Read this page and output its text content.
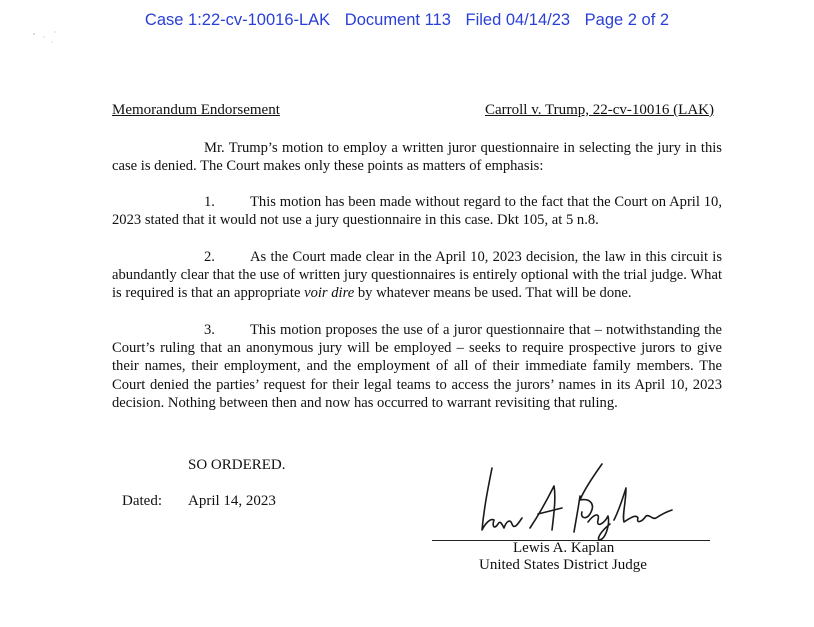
Case 1:22-cv-10016-LAK Document 113 Filed 04/14/23 Page 2 of 2
Memorandum Endorsement	Carroll v. Trump, 22-cv-10016 (LAK)

Mr. Trump’s motion to employ a written juror questionnaire in selecting the jury in this case is denied. The Court makes only these points as matters of emphasis:

1. This motion has been made without regard to the fact that the Court on April 10, 2023 stated that it would not use a jury questionnaire in this case. Dkt 105, at 5 n.8.

2. As the Court made clear in the April 10, 2023 decision, the law in this circuit is abundantly clear that the use of written jury questionnaires is entirely optional with the trial judge. What is required is that an appropriate voir dire by whatever means be used. That will be done.

3. This motion proposes the use of a juror questionnaire that – notwithstanding the Court’s ruling that an anonymous jury will be employed – seeks to require prospective jurors to give their names, their employment, and the employment of all of their immediate family members. The Court denied the parties’ request for their legal teams to access the jurors’ names in its April 10, 2023 decision. Nothing between then and now has occurred to warrant revisiting that ruling.

SO ORDERED.
Dated: April 14, 2023
Lewis A. Kaplan
United States District Judge
